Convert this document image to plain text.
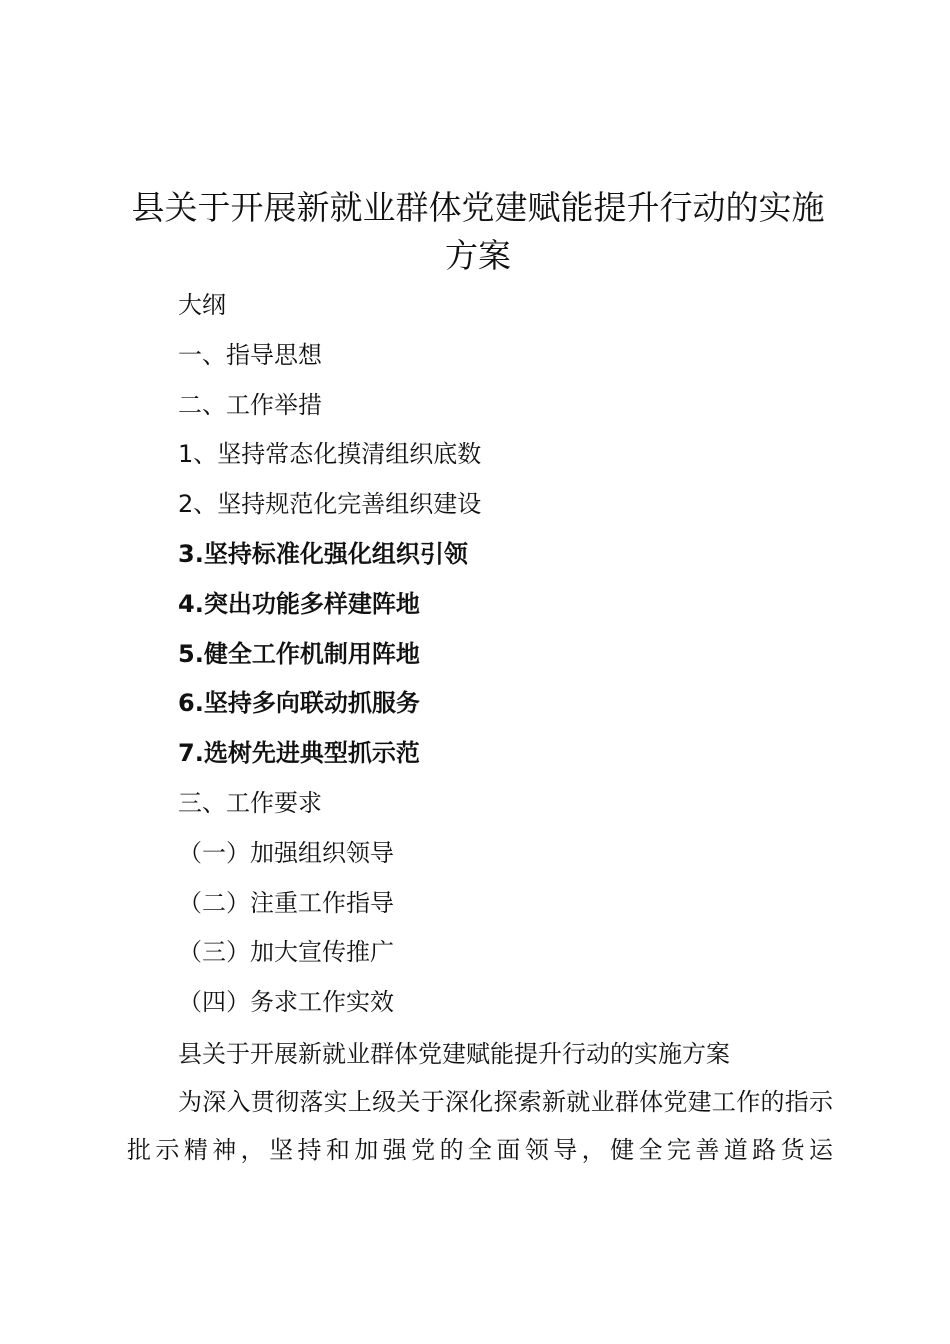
县关于开展新就业群体党建赋能提升行动的实施方案
大纲
一、指导思想
二、工作举措
1、坚持常态化摸清组织底数
2、坚持规范化完善组织建设
3.坚持标准化强化组织引领
4.突出功能多样建阵地
5.健全工作机制用阵地
6.坚持多向联动抓服务
7.选树先进典型抓示范
三、工作要求
（一）加强组织领导
（二）注重工作指导
（三）加大宣传推广
（四）务求工作实效

县关于开展新就业群体党建赋能提升行动的实施方案

为深入贯彻落实上级关于深化探索新就业群体党建工作的指示批示精神，坚持和加强党的全面领导，健全完善道路货运
